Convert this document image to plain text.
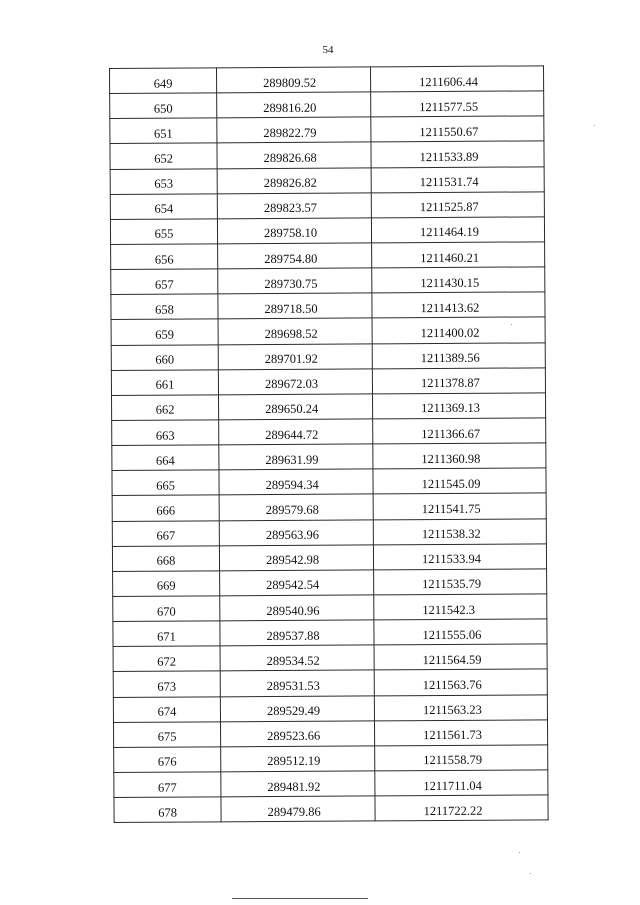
54
649	289809.52	1211606.44

650	289816.20	1211577.55

651	289822.79	1211550.67

652	289826.68	1211533.89

653	289826.82	1211531.74

654	289823.57	1211525.87

655	289758.10	1211464.19

656	289754.80	1211460.21

657	289730.75	1211430.15

658	289718.50	1211413.62

659	289698.52	1211400.02

660	289701.92	1211389.56

661	289672.03	1211378.87

662	289650.24	1211369.13

663	289644.72	1211366.67

664	289631.99	1211360.98

665	289594.34	1211545.09

666	289579.68	1211541.75

667	289563.96	1211538.32

668	289542.98	1211533.94

669	289542.54	1211535.79

670	289540.96	1211542.3

671	289537.88	1211555.06

672	289534.52	1211564.59

673	289531.53	1211563.76

674	289529.49	1211563.23

675	289523.66	1211561.73

676	289512.19	1211558.79

677	289481.92	1211711.04

678	289479.86	1211722.22
